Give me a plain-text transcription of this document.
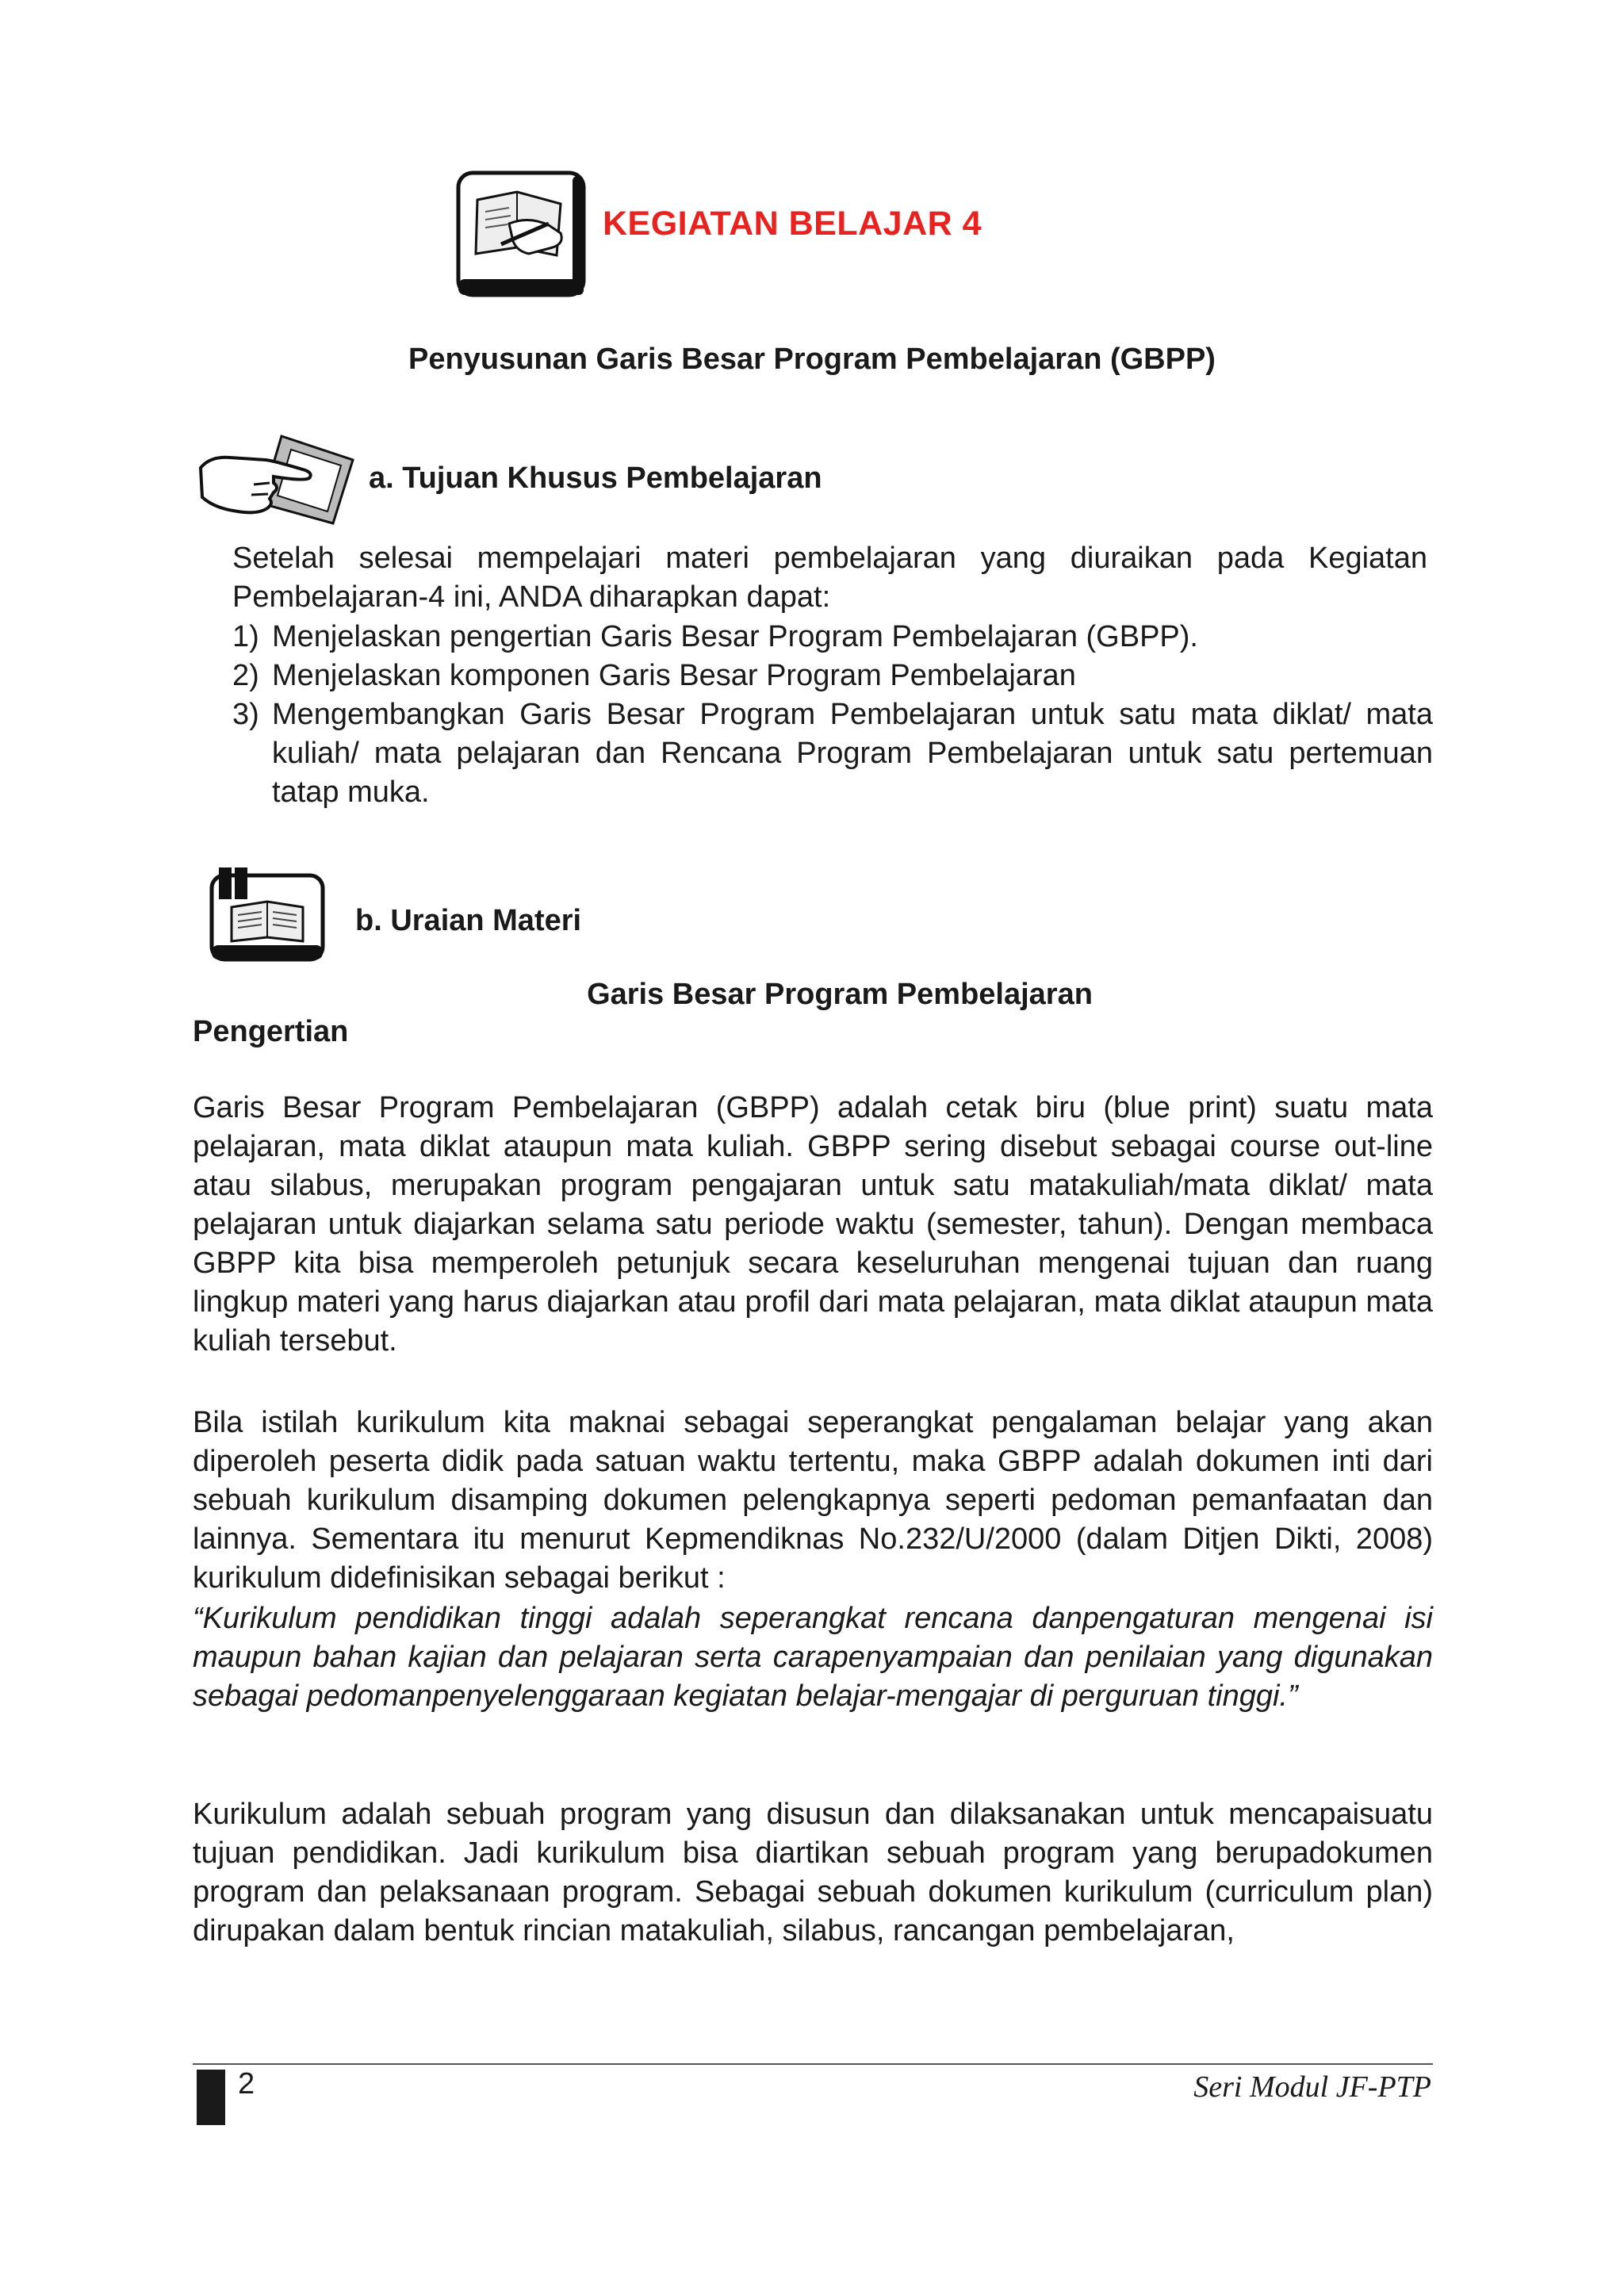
KEGIATAN BELAJAR 4
Penyusunan Garis Besar Program Pembelajaran (GBPP)
a. Tujuan Khusus Pembelajaran
Setelah selesai mempelajari materi pembelajaran yang diuraikan pada Kegiatan Pembelajaran-4 ini, ANDA diharapkan dapat:
1) Menjelaskan pengertian Garis Besar Program Pembelajaran (GBPP).
2) Menjelaskan komponen Garis Besar Program Pembelajaran
3) Mengembangkan Garis Besar Program Pembelajaran untuk satu mata diklat/ mata kuliah/ mata pelajaran dan Rencana Program Pembelajaran untuk satu pertemuan tatap muka.
b. Uraian Materi
Garis Besar Program Pembelajaran
Pengertian
Garis Besar Program Pembelajaran (GBPP) adalah cetak biru (blue print) suatu mata pelajaran, mata diklat ataupun mata kuliah. GBPP sering disebut sebagai course out-line atau silabus, merupakan program pengajaran untuk satu matakuliah/mata diklat/ mata pelajaran untuk diajarkan selama satu periode waktu (semester, tahun). Dengan membaca GBPP kita bisa memperoleh petunjuk secara keseluruhan mengenai tujuan dan ruang lingkup materi yang harus diajarkan atau profil dari mata pelajaran, mata diklat ataupun mata kuliah tersebut.
Bila istilah kurikulum kita maknai sebagai seperangkat pengalaman belajar yang akan diperoleh peserta didik pada satuan waktu tertentu, maka GBPP adalah dokumen inti dari sebuah kurikulum disamping dokumen pelengkapnya seperti pedoman pemanfaatan dan lainnya. Sementara itu menurut Kepmendiknas No.232/U/2000 (dalam Ditjen Dikti, 2008) kurikulum didefinisikan sebagai berikut :
“Kurikulum pendidikan tinggi adalah seperangkat rencana danpengaturan mengenai isi maupun bahan kajian dan pelajaran serta carapenyampaian dan penilaian yang digunakan sebagai pedomanpenyelenggaraan kegiatan belajar-mengajar di perguruan tinggi.”
Kurikulum adalah sebuah program yang disusun dan dilaksanakan untuk mencapaisuatu tujuan pendidikan. Jadi kurikulum bisa diartikan sebuah program yang berupadokumen program dan pelaksanaan program. Sebagai sebuah dokumen kurikulum (curriculum plan) dirupakan dalam bentuk rincian matakuliah, silabus, rancangan pembelajaran,
2	Seri Modul JF-PTP
